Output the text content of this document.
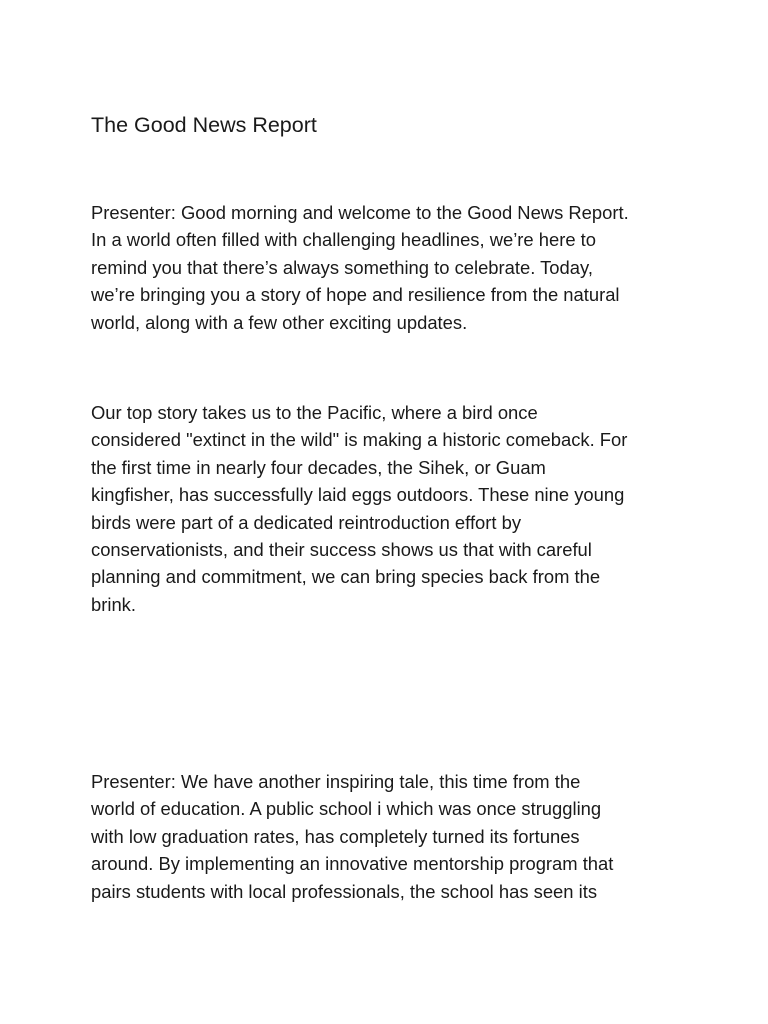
The Good News Report

Presenter: Good morning and welcome to the Good News Report.
In a world often filled with challenging headlines, we’re here to
remind you that there’s always something to celebrate. Today,
we’re bringing you a story of hope and resilience from the natural
world, along with a few other exciting updates.

Our top story takes us to the Pacific, where a bird once
considered "extinct in the wild" is making a historic comeback. For
the first time in nearly four decades, the Sihek, or Guam
kingfisher, has successfully laid eggs outdoors. These nine young
birds were part of a dedicated reintroduction effort by
conservationists, and their success shows us that with careful
planning and commitment, we can bring species back from the
brink.

Presenter: We have another inspiring tale, this time from the
world of education. A public school i which was once struggling
with low graduation rates, has completely turned its fortunes
around. By implementing an innovative mentorship program that
pairs students with local professionals, the school has seen its
